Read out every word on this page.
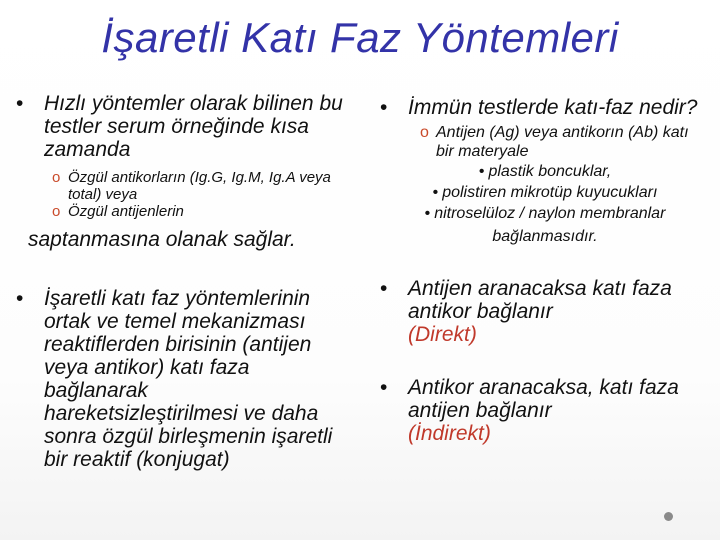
İşaretli Katı Faz Yöntemleri
• Hızlı yöntemler olarak bilinen bu testler serum örneğinde kısa zamanda
o Özgül antikorların (Ig.G, Ig.M, Ig.A veya total) veya
o Özgül antijenlerin
saptanmasına olanak sağlar.
• İşaretli katı faz yöntemlerinin ortak ve temel mekanizması reaktiflerden birisinin (antijen veya antikor) katı faza bağlanarak hareketsizleştirilmesi ve daha sonra özgül birleşmenin işaretli bir reaktif (konjugat)
• İmmün testlerde katı-faz nedir?
o Antijen (Ag) veya antikorın (Ab) katı bir materyale
• plastik boncuklar,
• polistiren mikrotüp kuyucukları
• nitroselüloz / naylon membranlar
bağlanmasıdır.
• Antijen aranacaksa katı faza antikor bağlanır
(Direkt)
• Antikor aranacaksa, katı faza antijen bağlanır
(İndirekt)
